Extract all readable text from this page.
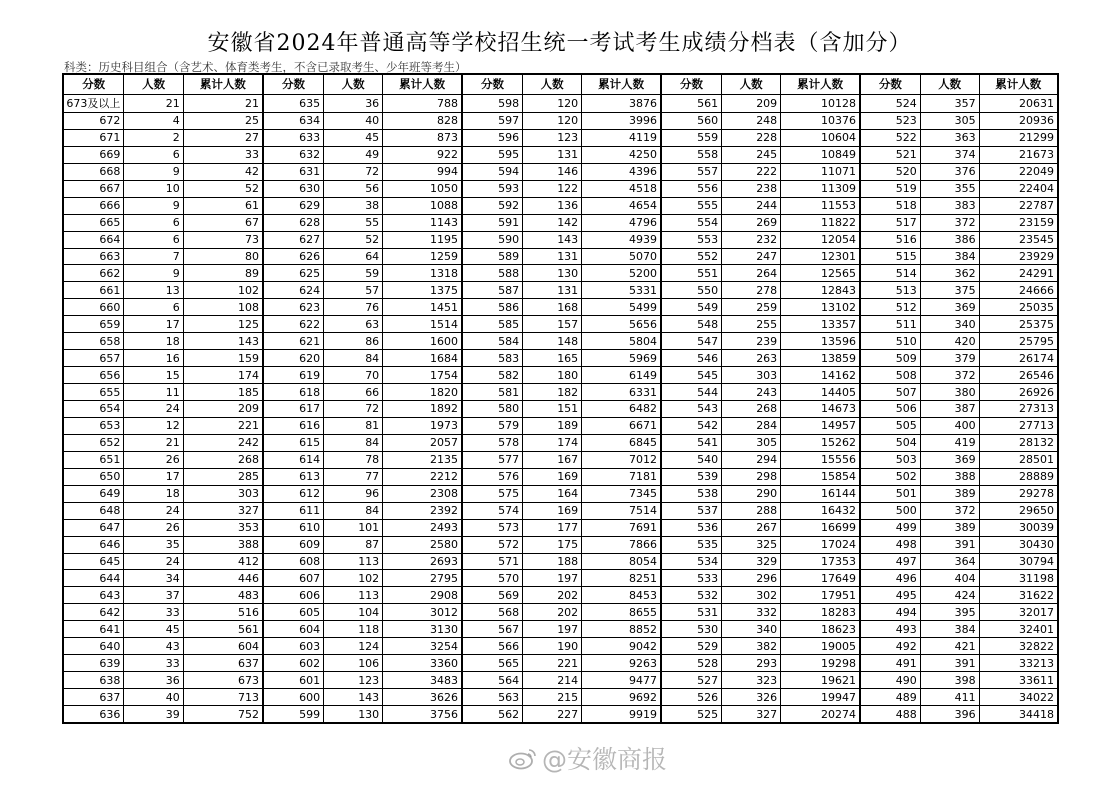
安徽省2024年普通高等学校招生统一考试考生成绩分档表（含加分）
科类：历史科目组合（含艺术、体育类考生，不含已录取考生、少年班等考生）
分数	人数	累计人数
673及以上	21	21
672	4	25
671	2	27
669	6	33
668	9	42
667	10	52
666	9	61
665	6	67
664	6	73
663	7	80
662	9	89
661	13	102
660	6	108
659	17	125
658	18	143
657	16	159
656	15	174
655	11	185
654	24	209
653	12	221
652	21	242
651	26	268
650	17	285
649	18	303
648	24	327
647	26	353
646	35	388
645	24	412
644	34	446
643	37	483
642	33	516
641	45	561
640	43	604
639	33	637
638	36	673
637	40	713
636	39	752
分数	人数	累计人数
635	36	788
634	40	828
633	45	873
632	49	922
631	72	994
630	56	1050
629	38	1088
628	55	1143
627	52	1195
626	64	1259
625	59	1318
624	57	1375
623	76	1451
622	63	1514
621	86	1600
620	84	1684
619	70	1754
618	66	1820
617	72	1892
616	81	1973
615	84	2057
614	78	2135
613	77	2212
612	96	2308
611	84	2392
610	101	2493
609	87	2580
608	113	2693
607	102	2795
606	113	2908
605	104	3012
604	118	3130
603	124	3254
602	106	3360
601	123	3483
600	143	3626
599	130	3756
分数	人数	累计人数
598	120	3876
597	120	3996
596	123	4119
595	131	4250
594	146	4396
593	122	4518
592	136	4654
591	142	4796
590	143	4939
589	131	5070
588	130	5200
587	131	5331
586	168	5499
585	157	5656
584	148	5804
583	165	5969
582	180	6149
581	182	6331
580	151	6482
579	189	6671
578	174	6845
577	167	7012
576	169	7181
575	164	7345
574	169	7514
573	177	7691
572	175	7866
571	188	8054
570	197	8251
569	202	8453
568	202	8655
567	197	8852
566	190	9042
565	221	9263
564	214	9477
563	215	9692
562	227	9919
分数	人数	累计人数
561	209	10128
560	248	10376
559	228	10604
558	245	10849
557	222	11071
556	238	11309
555	244	11553
554	269	11822
553	232	12054
552	247	12301
551	264	12565
550	278	12843
549	259	13102
548	255	13357
547	239	13596
546	263	13859
545	303	14162
544	243	14405
543	268	14673
542	284	14957
541	305	15262
540	294	15556
539	298	15854
538	290	16144
537	288	16432
536	267	16699
535	325	17024
534	329	17353
533	296	17649
532	302	17951
531	332	18283
530	340	18623
529	382	19005
528	293	19298
527	323	19621
526	326	19947
525	327	20274
分数	人数	累计人数
524	357	20631
523	305	20936
522	363	21299
521	374	21673
520	376	22049
519	355	22404
518	383	22787
517	372	23159
516	386	23545
515	384	23929
514	362	24291
513	375	24666
512	369	25035
511	340	25375
510	420	25795
509	379	26174
508	372	26546
507	380	26926
506	387	27313
505	400	27713
504	419	28132
503	369	28501
502	388	28889
501	389	29278
500	372	29650
499	389	30039
498	391	30430
497	364	30794
496	404	31198
495	424	31622
494	395	32017
493	384	32401
492	421	32822
491	391	33213
490	398	33611
489	411	34022
488	396	34418
@安徽商报
